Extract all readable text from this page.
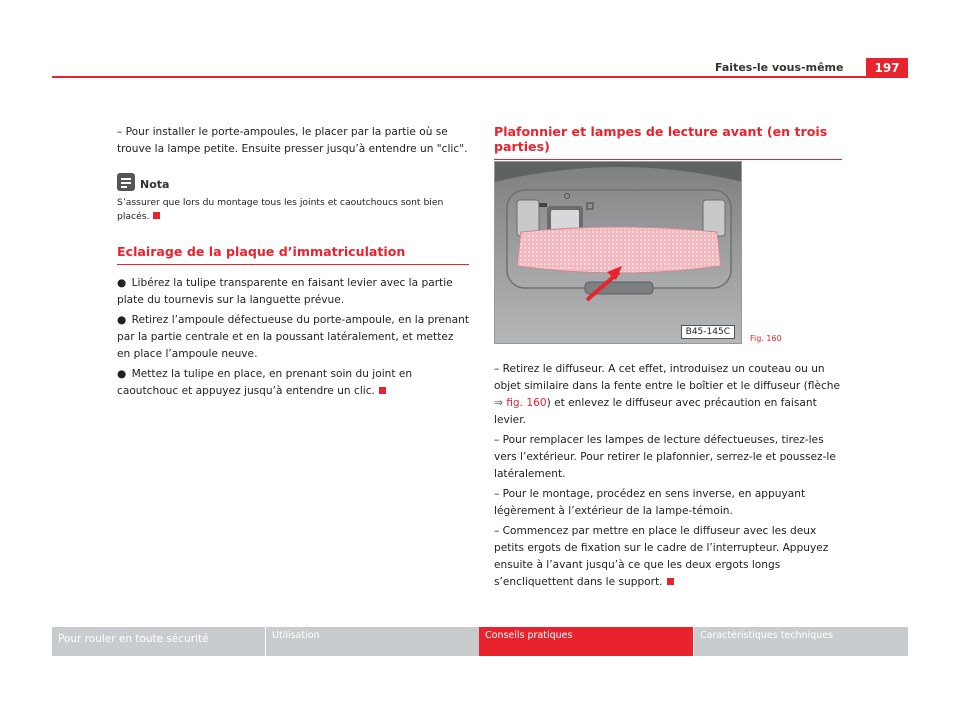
Faites-le vous-même	197

– Pour installer le porte-ampoules, le placer par la partie où se trouve la lampe petite. Ensuite presser jusqu’à entendre un "clic".

Nota

S’assurer que lors du montage tous les joints et caoutchoucs sont bien placés.

Eclairage de la plaque d’immatriculation
● Libérez la tulipe transparente en faisant levier avec la partie plate du tournevis sur la languette prévue.
● Retirez l’ampoule défectueuse du porte-ampoule, en la prenant par la partie centrale et en la poussant latéralement, et mettez en place l’ampoule neuve.
● Mettez la tulipe en place, en prenant soin du joint en caoutchouc et appuyez jusqu’à entendre un clic.
Plafonnier et lampes de lecture avant (en trois parties)
B45-145C
Fig. 160

– Retirez le diffuseur. A cet effet, introduisez un couteau ou un objet similaire dans la fente entre le boîtier et le diffuseur (flèche ⇒ fig. 160) et enlevez le diffuseur avec précaution en faisant levier.

– Pour remplacer les lampes de lecture défectueuses, tirez-les vers l’extérieur. Pour retirer le plafonnier, serrez-le et poussez-le latéralement.

– Pour le montage, procédez en sens inverse, en appuyant légèrement à l’extérieur de la lampe-témoin.

– Commencez par mettre en place le diffuseur avec les deux petits ergots de fixation sur le cadre de l’interrupteur. Appuyez ensuite à l’avant jusqu’à ce que les deux ergots longs s’encliquettent dans le support.

Pour rouler en toute sécurité	Utilisation	Conseils pratiques	Caractéristiques techniques
